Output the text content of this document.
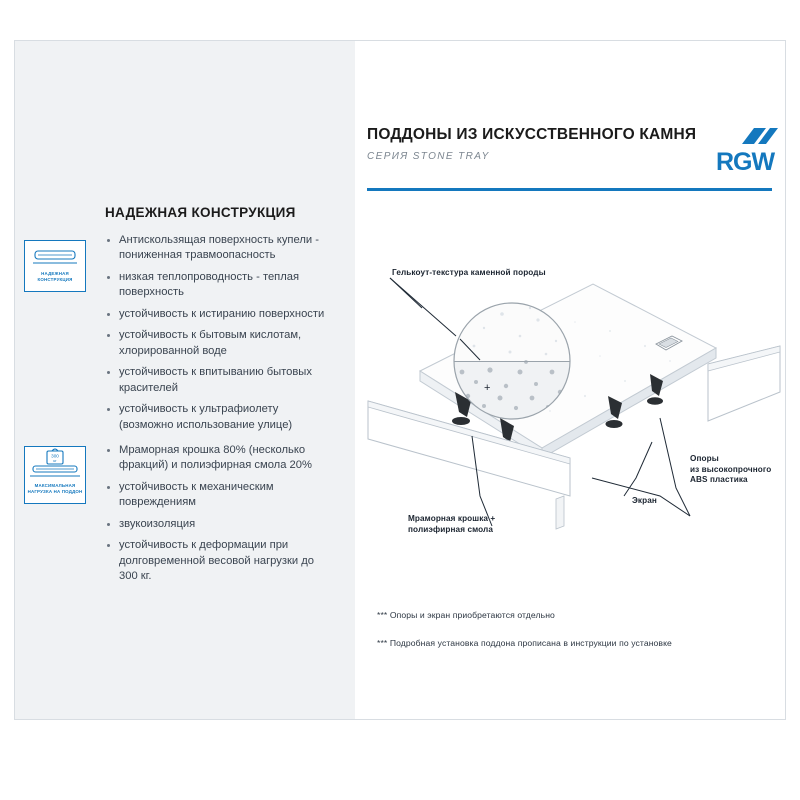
ПОДДОНЫ ИЗ ИСКУССТВЕННОГО КАМНЯ
СЕРИЯ STONE TRAY	RGW
НАДЕЖНАЯ КОНСТРУКЦИЯ
НАДЕЖНАЯ
КОНСТРУКЦИЯ
300
кг
МАКСИМАЛЬНАЯ
НАГРУЗКА НА ПОДДОН
Антискользящая поверхность купели - пониженная травмоопасность
низкая теплопроводность - теплая поверхность
устойчивость к истиранию поверхности
устойчивость к бытовым кислотам, хлорированной воде
устойчивость к впитыванию бытовых красителей
устойчивость к ультрафиолету (возможно использование улице)
Мраморная крошка 80% (несколько фракций) и полиэфирная смола 20%
устойчивость к механическим повреждениям
звукоизоляция
устойчивость к деформации при долговременной весовой нагрузки до 300 кг.
+
Гелькоут-текстура каменной породы
Мраморная крошка +
полиэфирная смола
Экран
Опоры
из высокопрочного
ABS пластика
*** Опоры и экран приобретаются отдельно
*** Подробная установка поддона прописана в инструкции по установке
